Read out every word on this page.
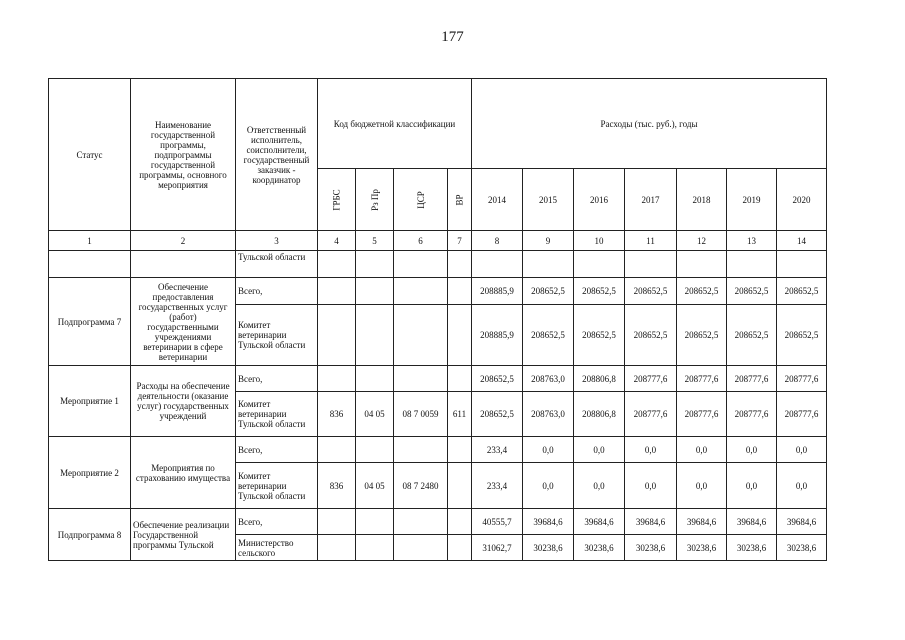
177
Статус	Наименование государственной программы, подпрограммы государственной программы, основного мероприятия	Ответственный исполнитель, соисполнители, государственный заказчик - координатор	Код бюджетной классификации				Расходы (тыс. руб.), годы						
			ГРБС	Рз Пр	ЦСР	ВР	2014	2015	2016	2017	2018	2019	2020
1	2	3	4	5	6	7	8	9	10	11	12	13	14
		Тульской области											
Подпрограмма 7	Обеспечение предоставления государственных услуг (работ) государственными учреждениями ветеринарии в сфере ветеринарии	Всего,					208885,9	208652,5	208652,5	208652,5	208652,5	208652,5	208652,5
		Комитет ветеринарии Тульской области					208885,9	208652,5	208652,5	208652,5	208652,5	208652,5	208652,5
Мероприятие 1	Расходы на обеспечение деятельности (оказание услуг) государственных учреждений	Всего,					208652,5	208763,0	208806,8	208777,6	208777,6	208777,6	208777,6
		Комитет ветеринарии Тульской области	836	04 05	08 7 0059	611	208652,5	208763,0	208806,8	208777,6	208777,6	208777,6	208777,6
Мероприятие 2	Мероприятия по страхованию имущества	Всего,					233,4	0,0	0,0	0,0	0,0	0,0	0,0
		Комитет ветеринарии Тульской области	836	04 05	08 7 2480		233,4	0,0	0,0	0,0	0,0	0,0	0,0
Подпрограмма 8	Обеспечение реализации Государственной программы Тульской	Всего,					40555,7	39684,6	39684,6	39684,6	39684,6	39684,6	39684,6
		Министерство сельского					31062,7	30238,6	30238,6	30238,6	30238,6	30238,6	30238,6
